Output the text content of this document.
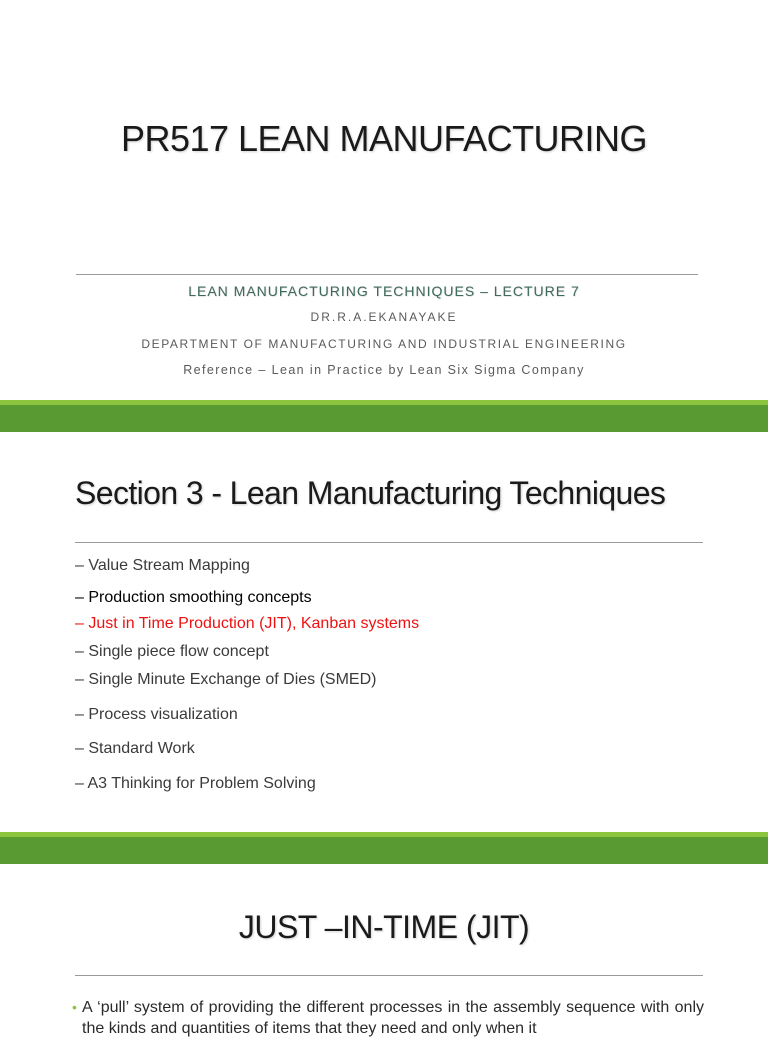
PR517 LEAN MANUFACTURING
LEAN MANUFACTURING TECHNIQUES – LECTURE 7
DR.R.A.EKANAYAKE
DEPARTMENT OF MANUFACTURING AND INDUSTRIAL ENGINEERING
Reference – Lean in Practice by Lean Six Sigma Company
Section 3 - Lean Manufacturing Techniques
– Value Stream Mapping
– Production smoothing concepts
– Just in Time Production (JIT), Kanban systems
– Single piece flow concept
– Single Minute Exchange of Dies (SMED)
– Process visualization
– Standard Work
– A3 Thinking for Problem Solving
JUST –IN-TIME (JIT)
• A ‘pull’ system of providing the different processes in the assembly sequence with only the kinds and quantities of items that they need and only when it
